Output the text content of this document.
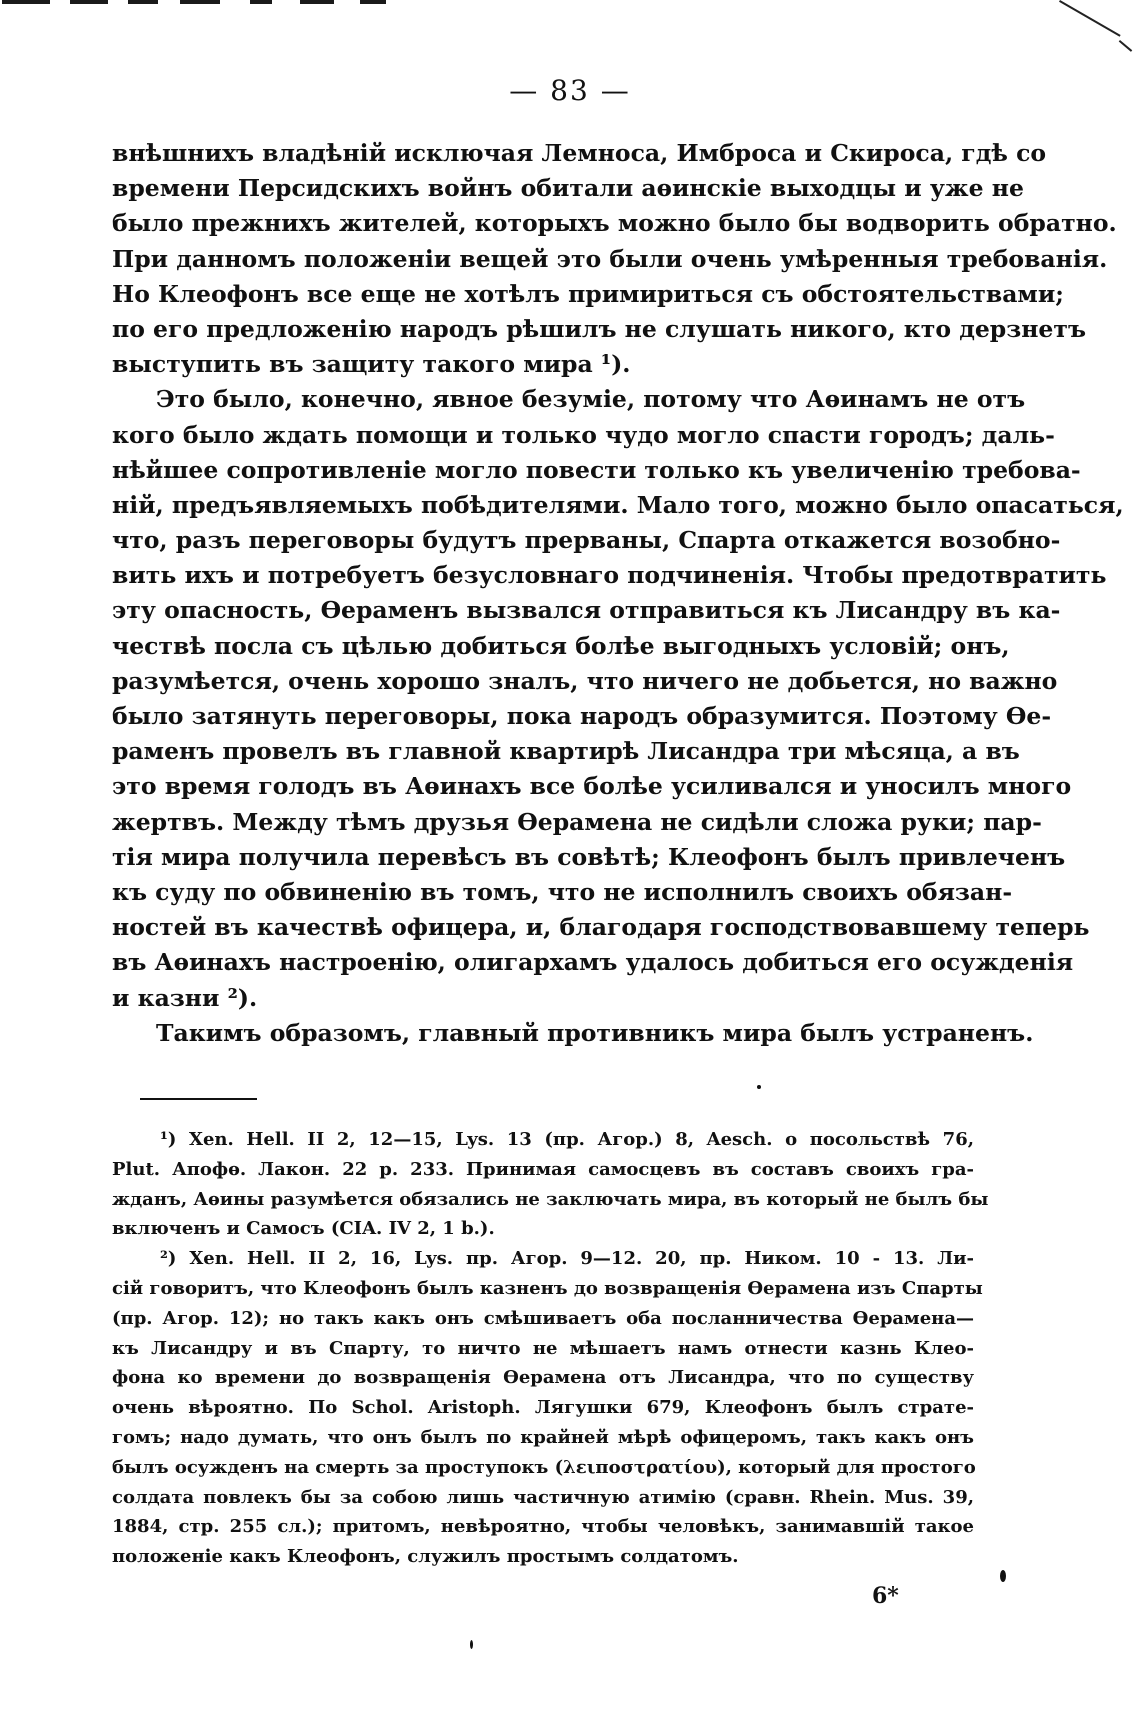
— 83 —
внѣшнихъ владѣній исключая Лемноса, Имброса и Скироса, гдѣ со
времени Персидскихъ войнъ обитали аѳинскіе выходцы и уже не
было прежнихъ жителей, которыхъ можно было бы водворить обратно.
При данномъ положеніи вещей это были очень умѣренныя требованія.
Но Клеофонъ все еще не хотѣлъ примириться съ обстоятельствами;
по его предложенію народъ рѣшилъ не слушать никого, кто дерзнетъ
выступить въ защиту такого мира ¹).
Это было, конечно, явное безуміе, потому что Аѳинамъ не отъ
кого было ждать помощи и только чудо могло спасти городъ; даль-
нѣйшее сопротивленіе могло повести только къ увеличенію требова-
ній, предъявляемыхъ побѣдителями. Мало того, можно было опасаться,
что, разъ переговоры будутъ прерваны, Спарта откажется возобно-
вить ихъ и потребуетъ безусловнаго подчиненія. Чтобы предотвратить
эту опасность, Ѳераменъ вызвался отправиться къ Лисандру въ ка-
чествѣ посла съ цѣлью добиться болѣе выгодныхъ условій; онъ,
разумѣется, очень хорошо зналъ, что ничего не добьется, но важно
было затянуть переговоры, пока народъ образумится. Поэтому Ѳе-
раменъ провелъ въ главной квартирѣ Лисандра три мѣсяца, а въ
это время голодъ въ Аѳинахъ все болѣе усиливался и уносилъ много
жертвъ. Между тѣмъ друзья Ѳерамена не сидѣли сложа руки; пар-
тія мира получила перевѣсъ въ совѣтѣ; Клеофонъ былъ привлеченъ
къ суду по обвиненію въ томъ, что не исполнилъ своихъ обязан-
ностей въ качествѣ офицера, и, благодаря господствовавшему теперь
въ Аѳинахъ настроенію, олигархамъ удалось добиться его осужденія
и казни ²).
Такимъ образомъ, главный противникъ мира былъ устраненъ.
¹) Xen. Hell. II 2, 12—15, Lys. 13 (пр. Агор.) 8, Aesch. о посольствѣ 76,
Plut. Апофѳ. Лакон. 22 p. 233. Принимая самосцевъ въ составъ своихъ гра-
жданъ, Аѳины разумѣется обязались не заключать мира, въ который не былъ бы
включенъ и Самосъ (CIA. IV 2, 1 b.).
²) Xen. Hell. II 2, 16, Lys. пр. Агор. 9—12. 20, пр. Ником. 10 - 13. Ли-
сій говоритъ, что Клеофонъ былъ казненъ до возвращенія Ѳерамена изъ Спарты
(пр. Агор. 12); но такъ какъ онъ смѣшиваетъ оба посланничества Ѳерамена—
къ Лисандру и въ Спарту, то ничто не мѣшаетъ намъ отнести казнь Клео-
фона ко времени до возвращенія Ѳерамена отъ Лисандра, что по существу
очень вѣроятно. По Schol. Aristoph. Лягушки 679, Клеофонъ былъ страте-
гомъ; надо думать, что онъ былъ по крайней мѣрѣ офицеромъ, такъ какъ онъ
былъ осужденъ на смерть за проступокъ (λειποστρατίου), который для простого
солдата повлекъ бы за собою лишь частичную атимію (сравн. Rhein. Mus. 39,
1884, стр. 255 сл.); притомъ, невѣроятно, чтобы человѣкъ, занимавшій такое
положеніе какъ Клеофонъ, служилъ простымъ солдатомъ.
6*
